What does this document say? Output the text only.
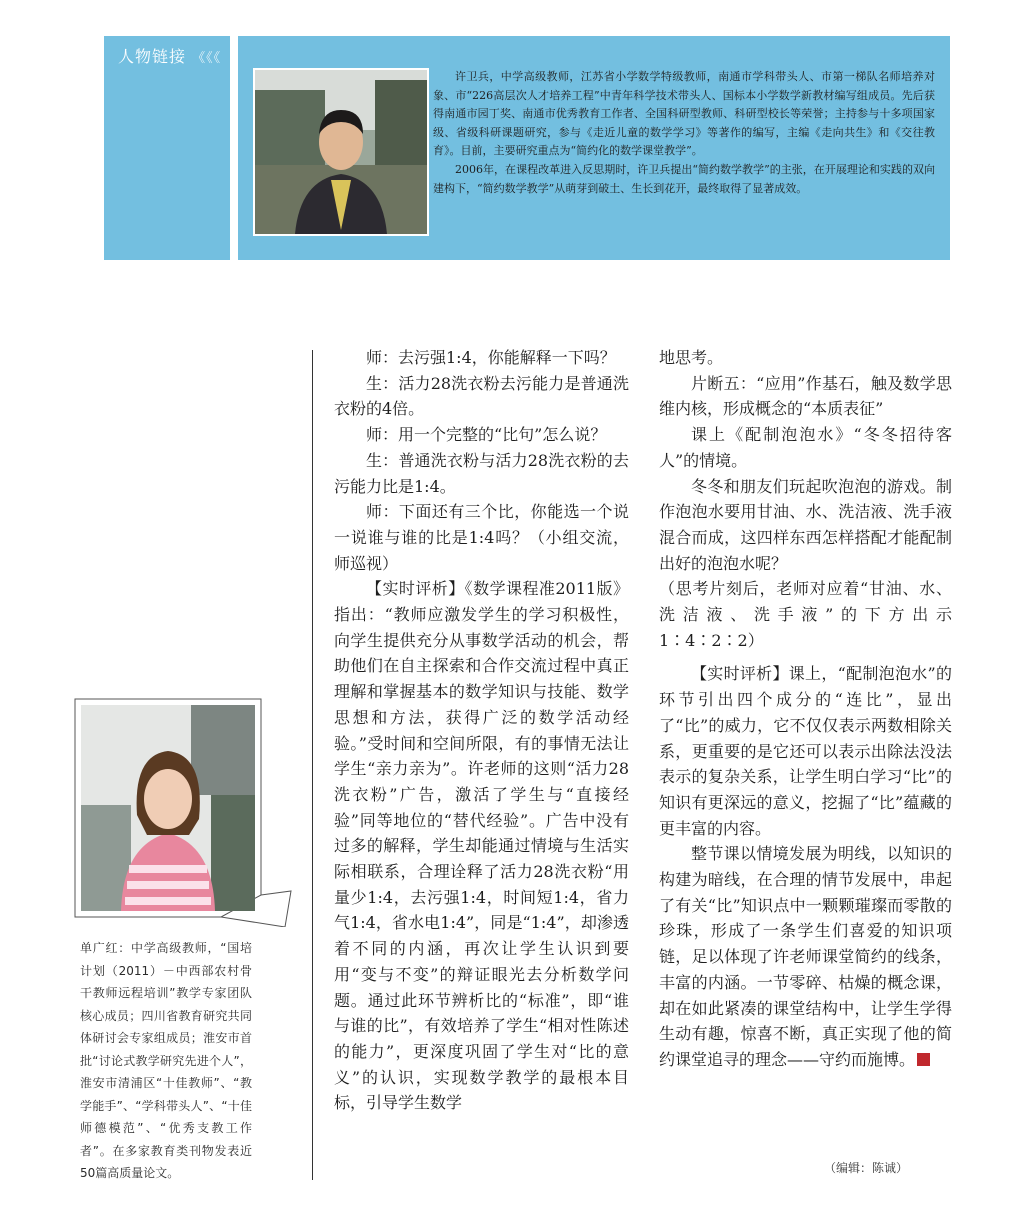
人物链接 《《《

许卫兵，中学高级教师，江苏省小学数学特级教师，南通市学科带头人、市第一梯队名师培养对象、市“226高层次人才培养工程”中青年科学技术带头人、国标本小学数学新教材编写组成员。先后获得南通市园丁奖、南通市优秀教育工作者、全国科研型教师、科研型校长等荣誉；主持参与十多项国家级、省级科研课题研究，参与《走近儿童的数学学习》等著作的编写，主编《走向共生》和《交往教育》。目前，主要研究重点为“简约化的数学课堂教学”。

2006年，在课程改革进入反思期时，许卫兵提出“简约数学教学”的主张，在开展理论和实践的双向建构下，“简约数学教学”从萌芽到破土、生长到花开，最终取得了显著成效。

单广红：中学高级教师，“国培计划（2011）－中西部农村骨干教师远程培训”教学专家团队核心成员；四川省教育研究共同体研讨会专家组成员；淮安市首批“讨论式教学研究先进个人”，淮安市清浦区“十佳教师”、“教学能手”、“学科带头人”、“十佳师德模范”、“优秀支教工作者”。在多家教育类刊物发表近50篇高质量论文。

师：去污强1:4，你能解释一下吗？

生：活力28洗衣粉去污能力是普通洗衣粉的4倍。

师：用一个完整的“比句”怎么说？

生：普通洗衣粉与活力28洗衣粉的去污能力比是1:4。

师：下面还有三个比，你能选一个说一说谁与谁的比是1:4吗？（小组交流，师巡视）

【实时评析】《数学课程准2011版》指出：“教师应激发学生的学习积极性，向学生提供充分从事数学活动的机会，帮助他们在自主探索和合作交流过程中真正理解和掌握基本的数学知识与技能、数学思想和方法，获得广泛的数学活动经验。”受时间和空间所限，有的事情无法让学生“亲力亲为”。许老师的这则“活力28洗衣粉”广告，激活了学生与“直接经验”同等地位的“替代经验”。广告中没有过多的解释，学生却能通过情境与生活实际相联系，合理诠释了活力28洗衣粉“用量少1:4，去污强1:4，时间短1:4，省力气1:4，省水电1:4”，同是“1:4”，却渗透着不同的内涵，再次让学生认识到要用“变与不变”的辩证眼光去分析数学问题。通过此环节辨析比的“标准”，即“谁与谁的比”，有效培养了学生“相对性陈述的能力”，更深度巩固了学生对“比的意义”的认识，实现数学教学的最根本目标，引导学生数学

地思考。

片断五：“应用”作基石，触及数学思维内核，形成概念的“本质表征”

课上《配制泡泡水》“冬冬招待客人”的情境。

冬冬和朋友们玩起吹泡泡的游戏。制作泡泡水要用甘油、水、洗洁液、洗手液混合而成，这四样东西怎样搭配才能配制出好的泡泡水呢？

（思考片刻后，老师对应着“甘油、水、洗洁液、洗手液”的下方出示1∶4∶2∶2）

【实时评析】课上，“配制泡泡水”的环节引出四个成分的“连比”，显出了“比”的威力，它不仅仅表示两数相除关系，更重要的是它还可以表示出除法没法表示的复杂关系，让学生明白学习“比”的知识有更深远的意义，挖掘了“比”蕴藏的更丰富的内容。

整节课以情境发展为明线，以知识的构建为暗线，在合理的情节发展中，串起了有关“比”知识点中一颗颗璀璨而零散的珍珠，形成了一条学生们喜爱的知识项链，足以体现了许老师课堂简约的线条，丰富的内涵。一节零碎、枯燥的概念课，却在如此紧凑的课堂结构中，让学生学得生动有趣，惊喜不断，真正实现了他的简约课堂追寻的理念——守约而施博。

（编辑：陈诚）
